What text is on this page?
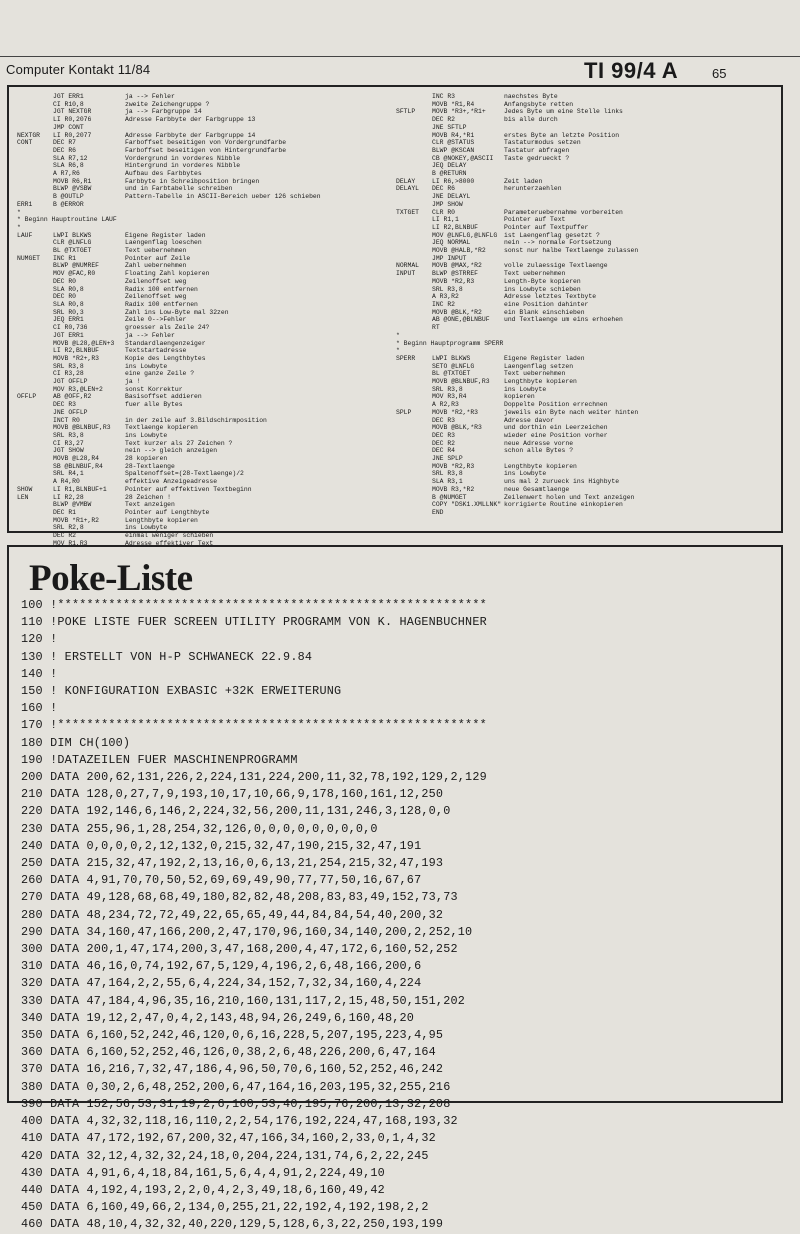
Computer Kontakt 11/84	TI 99/4 A	65
JGT ERR1	ja --> Fehler
CI R10,8	zweite Zeichengruppe ?
JGT NEXTGR	ja --> Farbgruppe 14
LI R0,2076	Adresse Farbbyte der Farbgruppe 13
JMP CONT
NEXTGR	LI R0,2077	Adresse Farbbyte der Farbgruppe 14
CONT	DEC R7	Farboffset beseitigen von Vordergrundfarbe
DEC R6	Farboffset beseitigen von Hintergrundfarbe
SLA R7,12	Vordergrund in vorderes Nibble
SLA R6,8	Hintergrund in vorderes Nibble
A R7,R6	Aufbau des Farbbytes
MOVB R6,R1	Farbbyte in Schreibposition bringen
BLWP @VSBW	und in Farbtabelle schreiben
B @OUTLP	Pattern-Tabelle in ASCII-Bereich ueber 126 schieben
ERR1	B @ERROR
*
* Beginn Hauptroutine LAUF
*
LAUF	LWPI BLKWS	Eigene Register laden
CLR @LNFLG	Laengenflag loeschen
BL @TXTGET	Text uebernehmen
NUMGET	INC R1	Pointer auf Zeile
BLWP @NUMREF	Zahl uebernehmen
MOV @FAC,R0	Floating Zahl kopieren
DEC R0	Zeilenoffset weg
SLA R0,8	Radix 100 entfernen
DEC R0	Zeilenoffset weg
SLA R0,8	Radix 100 entfernen
SRL R0,3	Zahl ins Low-Byte mal 32zen
JEQ ERR1	Zeile 0-->Fehler
CI R0,736	groesser als Zeile 24?
JGT ERR1	ja --> Fehler
MOVB @L28,@LEN+3	Standardlaengenzeiger
LI R2,BLNBUF	Textstartadresse
MOVB *R2+,R3	Kopie des Lengthbytes
SRL R3,8	ins Lowbyte
CI R3,28	eine ganze Zeile ?
JGT OFFLP	ja !
MOV R3,@LEN+2	sonst Korrektur
OFFLP	AB @OFF,R2	Basisoffset addieren
DEC R3	fuer alle Bytes
JNE OFFLP
INCT R0	in der zeile auf 3.Bildschirmposition
MOVB @BLNBUF,R3	Textlaenge kopieren
SRL R3,8	ins Lowbyte
CI R3,27	Text kurzer als 27 Zeichen ?
JGT SHOW	nein --> gleich anzeigen
MOVB @L28,R4	28 kopieren
SB @BLNBUF,R4	28-Textlaenge
SRL R4,1	Spaltenoffset=(28-Textlaenge)/2
A R4,R0	effektive Anzeigeadresse
SHOW	LI R1,BLNBUF+1	Pointer auf effektiven Textbeginn
LEN	LI R2,28	28 Zeichen !
BLWP @VMBW	Text anzeigen
DEC R1	Pointer auf Lengthbyte
MOVB *R1+,R2	Lengthbyte kopieren
SRL R2,8	ins Lowbyte
DEC R2	einmal weniger schieben
MOV R1,R3	Adresse effektiver Text
INC R3	naechstes Byte
MOVB *R1,R4	Anfangsbyte retten
SFTLP	MOVB *R3+,*R1+	Jedes Byte um eine Stelle links
DEC R2	bis alle durch
JNE SFTLP
MOVB R4,*R1	erstes Byte an letzte Position
CLR @STATUS	Tastaturmodus setzen
BLWP @KSCAN	Tastatur abfragen
CB @NOKEY,@ASCII	Taste gedrueckt ?
JEQ DELAY
B @RETURN
DELAY	LI R6,>8000	Zeit laden
DELAYL	DEC R6	herunterzaehlen
JNE DELAYL
JMP SHOW
TXTGET	CLR R0	Parameteruebernahme vorbereiten
LI R1,1	Pointer auf Text
LI R2,BLNBUF	Pointer auf Textpuffer
MOV @LNFLG,@LNFLG	ist Laengenflag gesetzt ?
JEQ NORMAL	nein --> normale Fortsetzung
MOVB @HALB,*R2	sonst nur halbe Textlaenge zulassen
JMP INPUT
NORMAL	MOVB @MAX,*R2	volle zulaessige Textlaenge
INPUT	BLWP @STRREF	Text uebernehmen
MOVB *R2,R3	Length-Byte kopieren
SRL R3,8	ins Lowbyte schieben
A R3,R2	Adresse letztes Textbyte
INC R2	eine Position dahinter
MOVB @BLK,*R2	ein Blank einschieben
AB @ONE,@BLNBUF	und Textlaenge um eins erhoehen
RT
*
* Beginn Hauptprogramm SPERR
*
SPERR	LWPI BLKWS	Eigene Register laden
SETO @LNFLG	Laengenflag setzen
BL @TXTGET	Text uebernehmen
MOVB @BLNBUF,R3	Lengthbyte kopieren
SRL R3,8	ins Lowbyte
MOV R3,R4	kopieren
A R2,R3	Doppelte Position errechnen
SPLP	MOVB *R2,*R3	jeweils ein Byte nach weiter hinten
DEC R3	Adresse davor
MOVB @BLK,*R3	und dorthin ein Leerzeichen
DEC R3	wieder eine Position vorher
DEC R2	neue Adresse vorne
DEC R4	schon alle Bytes ?
JNE SPLP
MOVB *R2,R3	Lengthbyte kopieren
SRL R3,8	ins Lowbyte
SLA R3,1	uns mal 2 zurueck ins Highbyte
MOVB R3,*R2	neue Gesamtlaenge
B @NUMGET	Zeilenwert holen und Text anzeigen
COPY "DSK1.XMLLNK" korrigierte Routine einkopieren
END
Poke-Liste
100 !***********************************************************
110 !POKE LISTE FUER SCREEN UTILITY PROGRAMM VON K. HAGENBUCHNER
120 !
130 ! ERSTELLT VON H-P SCHWANECK 22.9.84
140 !
150 ! KONFIGURATION EXBASIC +32K ERWEITERUNG
160 !
170 !***********************************************************
180 DIM CH(100)
190 !DATAZEILEN FUER MASCHINENPROGRAMM
200 DATA 200,62,131,226,2,224,131,224,200,11,32,78,192,129,2,129
210 DATA 128,0,27,7,9,193,10,17,10,66,9,178,160,161,12,250
220 DATA 192,146,6,146,2,224,32,56,200,11,131,246,3,128,0,0
230 DATA 255,96,1,28,254,32,126,0,0,0,0,0,0,0,0,0
240 DATA 0,0,0,0,2,12,132,0,215,32,47,190,215,32,47,191
250 DATA 215,32,47,192,2,13,16,0,6,13,21,254,215,32,47,193
260 DATA 4,91,70,70,50,52,69,69,49,90,77,77,50,16,67,67
270 DATA 49,128,68,68,49,180,82,82,48,208,83,83,49,152,73,73
280 DATA 48,234,72,72,49,22,65,65,49,44,84,84,54,40,200,32
290 DATA 34,160,47,166,200,2,47,170,96,160,34,140,200,2,252,10
300 DATA 200,1,47,174,200,3,47,168,200,4,47,172,6,160,52,252
310 DATA 46,16,0,74,192,67,5,129,4,196,2,6,48,166,200,6
320 DATA 47,164,2,2,55,6,4,224,34,152,7,32,34,160,4,224
330 DATA 47,184,4,96,35,16,210,160,131,117,2,15,48,50,151,202
340 DATA 19,12,2,47,0,4,2,143,48,94,26,249,6,160,48,20
350 DATA 6,160,52,242,46,120,0,6,16,228,5,207,195,223,4,95
360 DATA 6,160,52,252,46,126,0,38,2,6,48,226,200,6,47,164
370 DATA 16,216,7,32,47,186,4,96,50,70,6,160,52,252,46,242
380 DATA 0,30,2,6,48,252,200,6,47,164,16,203,195,32,255,216
390 DATA 152,56,53,31,19,2,6,160,53,40,195,76,200,13,32,208
400 DATA 4,32,32,118,16,110,2,2,54,176,192,224,47,168,193,32
410 DATA 47,172,192,67,200,32,47,166,34,160,2,33,0,1,4,32
420 DATA 32,12,4,32,32,24,18,0,204,224,131,74,6,2,22,245
430 DATA 4,91,6,4,18,84,161,5,6,4,4,91,2,224,49,10
440 DATA 4,192,4,193,2,2,0,4,2,3,49,18,6,160,49,42
450 DATA 6,160,49,66,2,134,0,255,21,22,192,4,192,198,2,2
460 DATA 48,10,4,32,32,40,220,129,5,128,6,3,22,250,193,199
